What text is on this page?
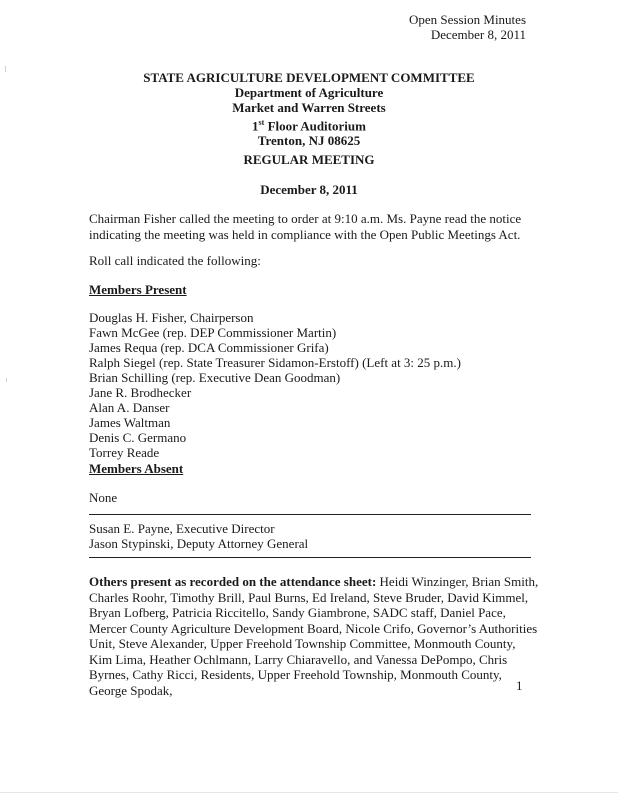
Open Session Minutes
December 8, 2011
STATE AGRICULTURE DEVELOPMENT COMMITTEE
Department of Agriculture
Market and Warren Streets
1st Floor Auditorium
Trenton, NJ 08625
REGULAR MEETING
December 8, 2011
Chairman Fisher called the meeting to order at 9:10 a.m. Ms. Payne read the notice indicating the meeting was held in compliance with the Open Public Meetings Act.
Roll call indicated the following:
Members Present
Douglas H. Fisher, Chairperson
Fawn McGee (rep. DEP Commissioner Martin)
James Requa (rep. DCA Commissioner Grifa)
Ralph Siegel (rep. State Treasurer Sidamon-Erstoff) (Left at 3: 25 p.m.)
Brian Schilling (rep. Executive Dean Goodman)
Jane R. Brodhecker
Alan A. Danser
James Waltman
Denis C. Germano
Torrey Reade
Members Absent
None
Susan E. Payne, Executive Director
Jason Stypinski, Deputy Attorney General
Others present as recorded on the attendance sheet: Heidi Winzinger, Brian Smith, Charles Roohr, Timothy Brill, Paul Burns, Ed Ireland, Steve Bruder, David Kimmel, Bryan Lofberg, Patricia Riccitello, Sandy Giambrone, SADC staff, Daniel Pace, Mercer County Agriculture Development Board, Nicole Crifo, Governor’s Authorities Unit, Steve Alexander, Upper Freehold Township Committee, Monmouth County, Kim Lima, Heather Ochlmann, Larry Chiaravello, and Vanessa DePompo, Chris Byrnes, Cathy Ricci, Residents, Upper Freehold Township, Monmouth County, George Spodak,	1
